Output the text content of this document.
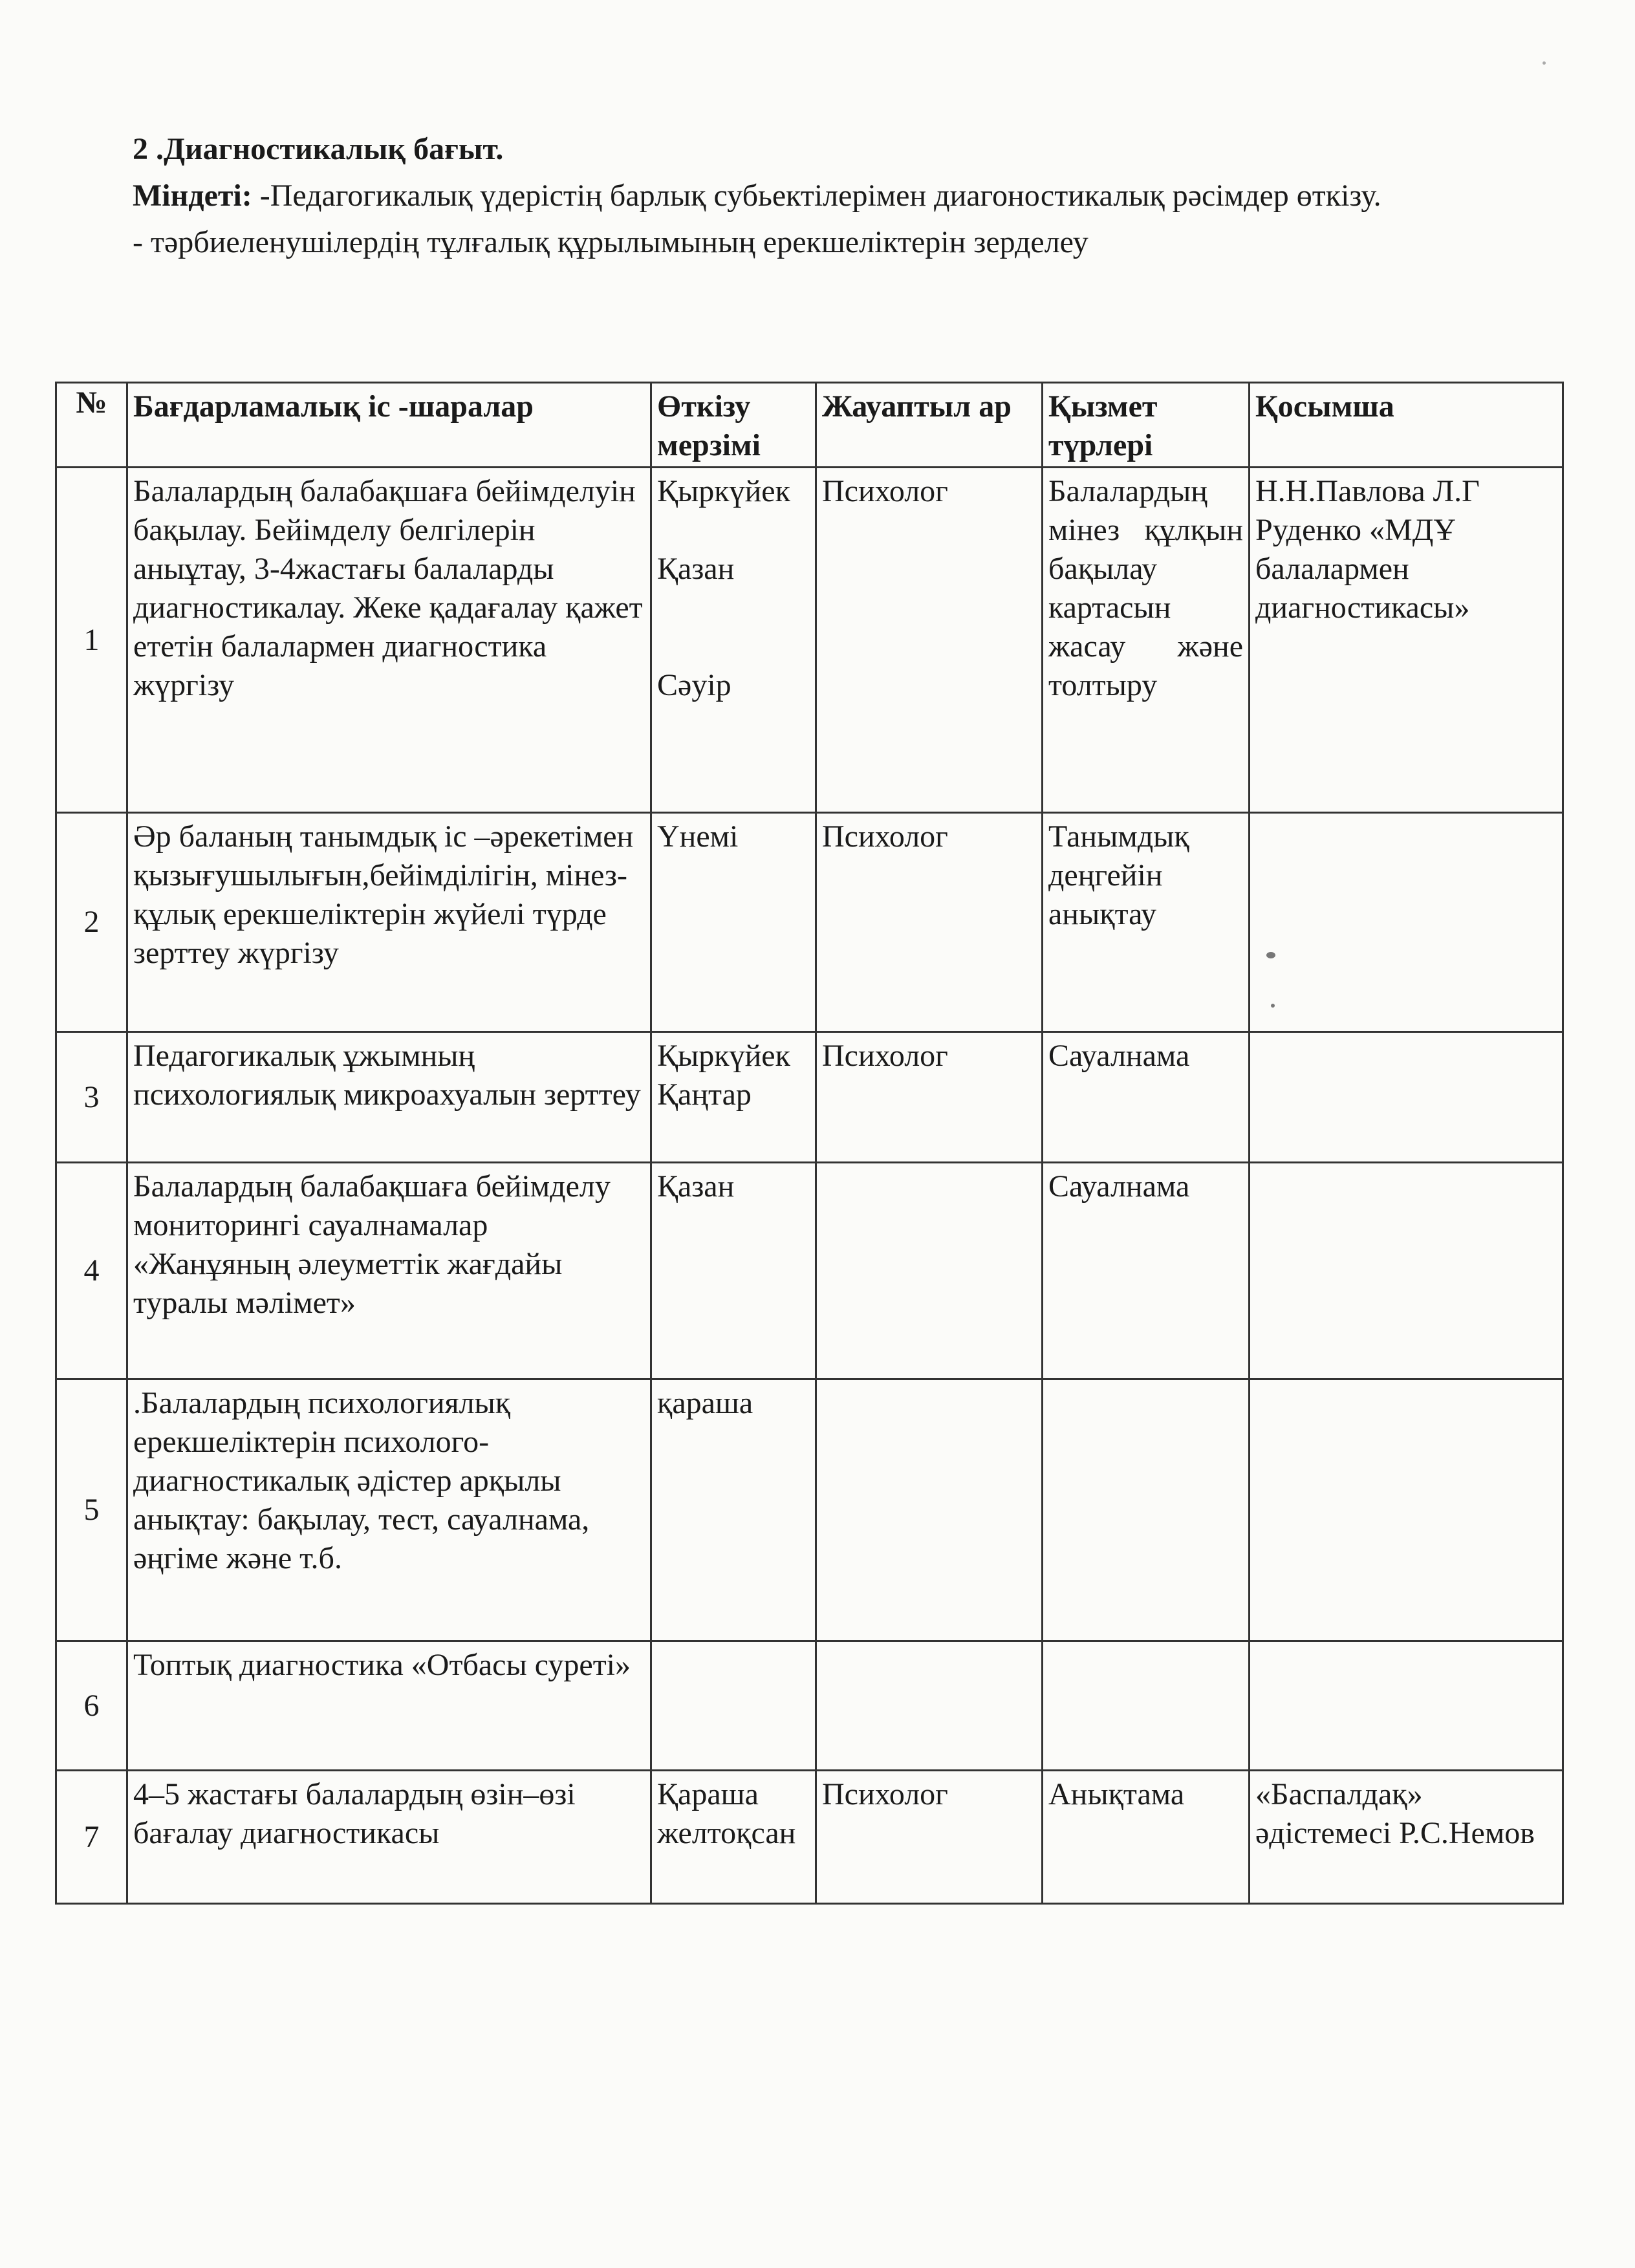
2 .Диагностикалық бағыт.

Міндеті: -Педагогикалық үдерістің барлық субьектілерімен диагоностикалық рәсімдер өткізу.

- тәрбиеленушілердің тұлғалық құрылымының ерекшеліктерін зерделеу

№	Бағдарламалық іс -шаралар	Өткізу мерзімі	Жауаптыл ар	Қызмет түрлері	Қосымша
1	Балалардың балабақшаға бейімделуін бақылау. Бейімделу белгілерін аныұтау, 3-4жастағы балаларды диагностикалау. Жеке қадағалау қажет ететін балалармен диагностика жүргізу	Қыркүйек
Қазан
Сәуір	Психолог	Балалардың мінез құлқын бақылау картасын жасау және толтыру	Н.Н.Павлова Л.Г Руденко «МДҰ балалармен диагностикасы»
2	Әр баланың танымдық іс –әрекетімен қызығушылығын,бейімділігін, мінез-құлық ерекшеліктерін жүйелі түрде зерттеу жүргізу	Үнемі	Психолог	Танымдық деңгейін анықтау	
3	Педагогикалық ұжымның психологиялық микроахуалын зерттеу	Қыркүйек Қаңтар	Психолог	Сауалнама	
4	Балалардың балабақшаға бейімделу мониторингі сауалнамалар «Жанұяның әлеуметтік жағдайы туралы мәлімет»	Қазан		Сауалнама	
5	.Балалардың психологиялық ерекшеліктерін психолого-диагностикалық әдістер арқылы анықтау: бақылау, тест, сауалнама, әңгіме және т.б.	қараша			
6	Топтық диагностика «Отбасы суреті»				
7	4–5 жастағы балалардың өзін–өзі бағалау диагностикасы	Қараша желтоқсан	Психолог	Анықтама	«Баспалдақ» әдістемесі Р.С.Немов
